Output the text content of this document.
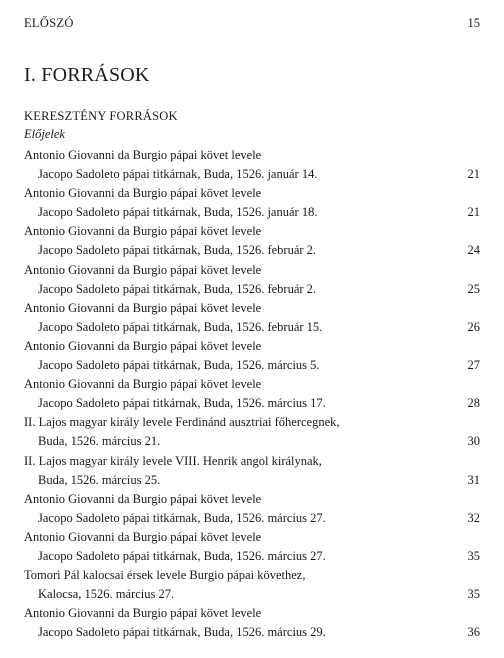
ELŐSZÓ	15
I. FORRÁSOK
KERESZTÉNY FORRÁSOK
Előjelek
Antonio Giovanni da Burgio pápai követ levele
Jacopo Sadoleto pápai titkárnak, Buda, 1526. január 14.	21
Antonio Giovanni da Burgio pápai követ levele
Jacopo Sadoleto pápai titkárnak, Buda, 1526. január 18.	21
Antonio Giovanni da Burgio pápai követ levele
Jacopo Sadoleto pápai titkárnak, Buda, 1526. február 2.	24
Antonio Giovanni da Burgio pápai követ levele
Jacopo Sadoleto pápai titkárnak, Buda, 1526. február 2.	25
Antonio Giovanni da Burgio pápai követ levele
Jacopo Sadoleto pápai titkárnak, Buda, 1526. február 15.	26
Antonio Giovanni da Burgio pápai követ levele
Jacopo Sadoleto pápai titkárnak, Buda, 1526. március 5.	27
Antonio Giovanni da Burgio pápai követ levele
Jacopo Sadoleto pápai titkárnak, Buda, 1526. március 17.	28
II. Lajos magyar király levele Ferdinánd ausztriai főhercegnek,
Buda, 1526. március 21.	30
II. Lajos magyar király levele VIII. Henrik angol királynak,
Buda, 1526. március 25.	31
Antonio Giovanni da Burgio pápai követ levele
Jacopo Sadoleto pápai titkárnak, Buda, 1526. március 27.	32
Antonio Giovanni da Burgio pápai követ levele
Jacopo Sadoleto pápai titkárnak, Buda, 1526. március 27.	35
Tomori Pál kalocsai érsek levele Burgio pápai követhez,
Kalocsa, 1526. március 27.	35
Antonio Giovanni da Burgio pápai követ levele
Jacopo Sadoleto pápai titkárnak, Buda, 1526. március 29.	36
